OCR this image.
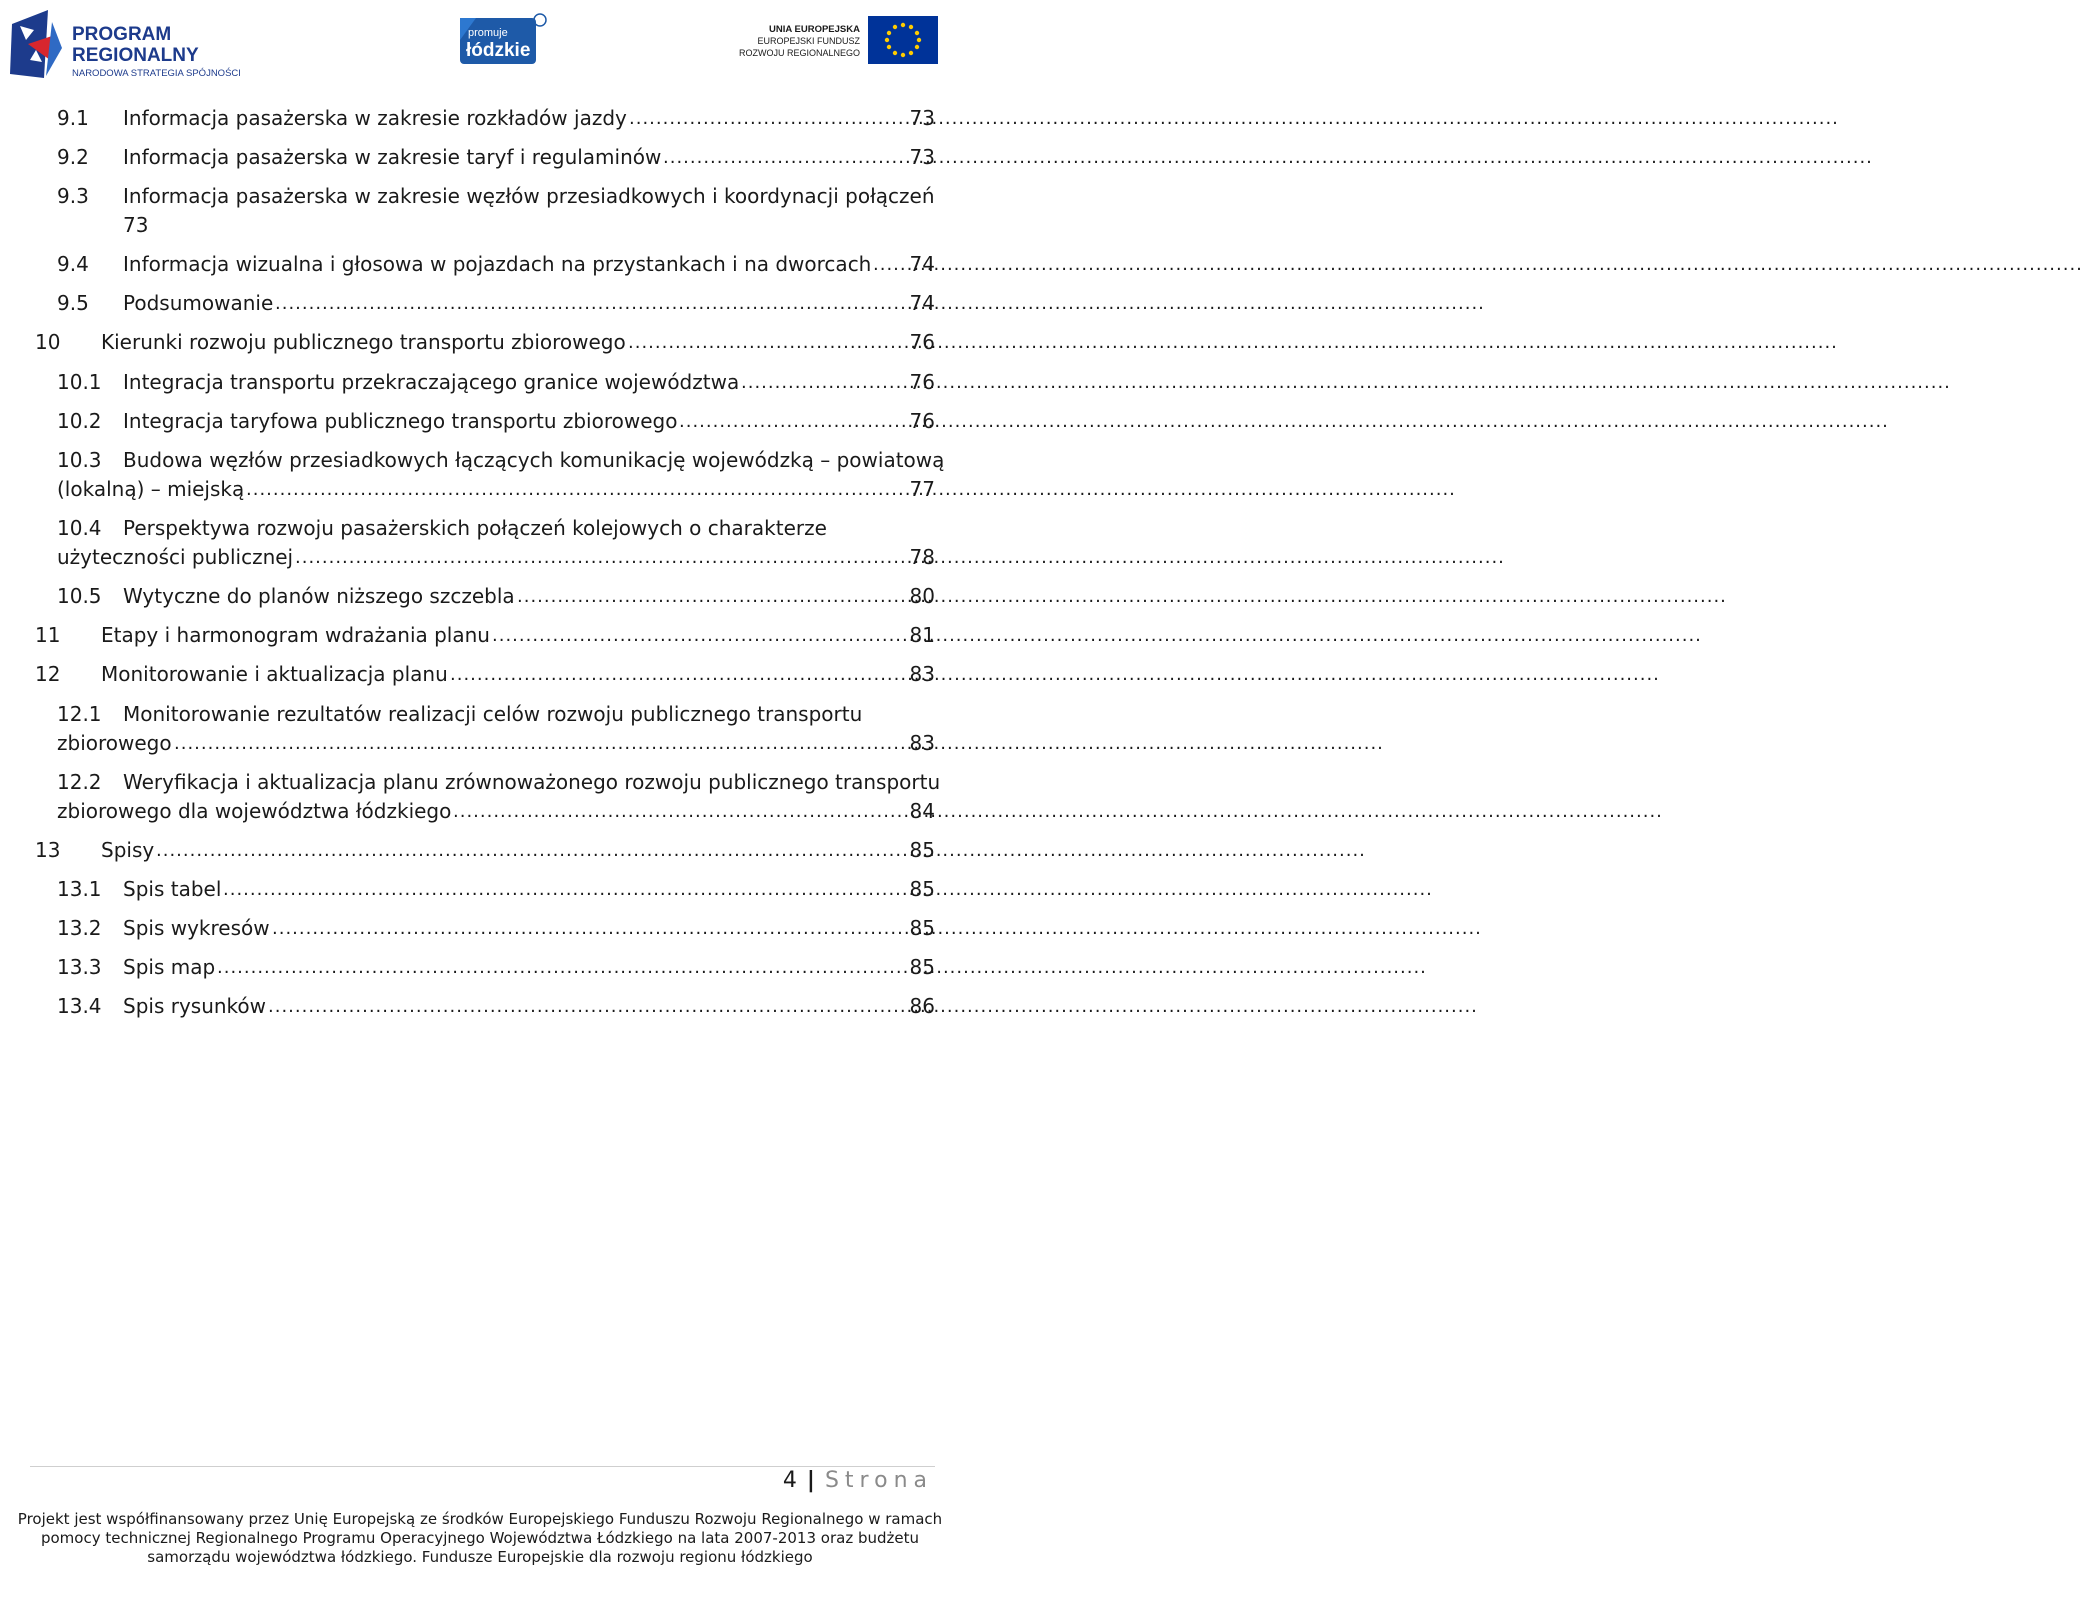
PROGRAM
REGIONALNY
NARODOWA STRATEGIA SPÓJNOŚCI
promuje
łódzkie
UNIA EUROPEJSKA
EUROPEJSKI FUNDUSZ
ROZWOJU REGIONALNEGO
9.1 Informacja pasażerska w zakresie rozkładów jazdy	73
.....
9.2 Informacja pasażerska w zakresie taryf i regulaminów	73
.....
9.3 Informacja pasażerska w zakresie węzłów przesiadkowych i koordynacji połączeń
73
9.4 Informacja wizualna i głosowa w pojazdach na przystankach i na dworcach 74
.....
9.5 Podsumowanie	74
.....
10 Kierunki rozwoju publicznego transportu zbiorowego	76
.....
10.1 Integracja transportu przekraczającego granice województwa	76
.....
10.2 Integracja taryfowa publicznego transportu zbiorowego	76
.....
10.3 Budowa węzłów przesiadkowych łączących komunikację wojewódzką – powiatową
(lokalną) – miejską	77
.....
10.4 Perspektywa rozwoju pasażerskich połączeń kolejowych o charakterze
użyteczności publicznej	78
.....
10.5 Wytyczne do planów niższego szczebla	80
.....
11 Etapy i harmonogram wdrażania planu	81
.....
12 Monitorowanie i aktualizacja planu	83
.....
12.1 Monitorowanie rezultatów realizacji celów rozwoju publicznego transportu
zbiorowego	83
.....
12.2 Weryfikacja i aktualizacja planu zrównoważonego rozwoju publicznego transportu
zbiorowego dla województwa łódzkiego	84
.....
13 Spisy	85
.....
13.1 Spis tabel	85
.....
13.2 Spis wykresów	85
.....
13.3 Spis map	85
.....
13.4 Spis rysunków	86
.....
4 | Strona
Projekt jest współfinansowany przez Unię Europejską ze środków Europejskiego Funduszu Rozwoju Regionalnego w ramach
pomocy technicznej Regionalnego Programu Operacyjnego Województwa Łódzkiego na lata 2007-2013 oraz budżetu
samorządu województwa łódzkiego. Fundusze Europejskie dla rozwoju regionu łódzkiego
